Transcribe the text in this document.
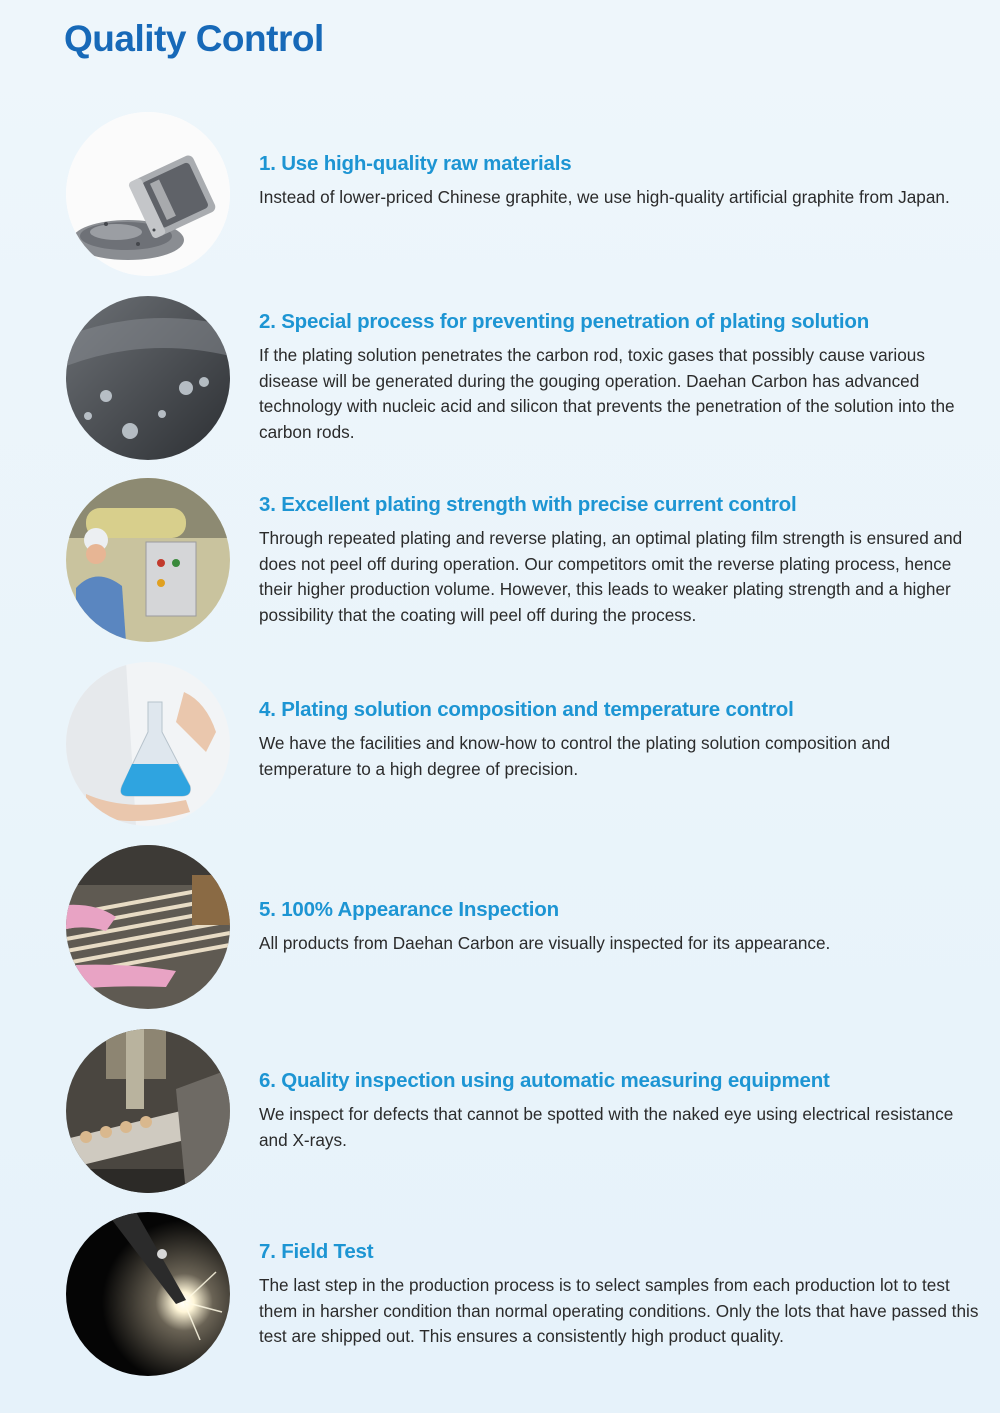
Quality Control
1. Use high-quality raw materials
Instead of lower-priced Chinese graphite, we use high-quality artificial graphite from Japan.
2. Special process for preventing penetration of plating solution
If the plating solution penetrates the carbon rod, toxic gases that possibly cause various disease will be generated during the gouging operation. Daehan Carbon has advanced technology with nucleic acid and silicon that prevents the penetration of the solution into the carbon rods.
3. Excellent plating strength with precise current control
Through repeated plating and reverse plating, an optimal plating film strength is ensured and does not peel off during operation. Our competitors omit the reverse plating process, hence their higher production volume. However, this leads to weaker plating strength and a higher possibility that the coating will peel off during the process.
4. Plating solution composition and temperature control
We have the facilities and know-how to control the plating solution composition and temperature to a high degree of precision.
5. 100% Appearance Inspection
All products from Daehan Carbon are visually inspected for its appearance.
6. Quality inspection using automatic measuring equipment
We inspect for defects that cannot be spotted with the naked eye using electrical resistance and X-rays.
7. Field Test
The last step in the production process is to select samples from each production lot to test them in harsher condition than normal operating conditions. Only the lots that have passed this test are shipped out. This ensures a consistently high product quality.
